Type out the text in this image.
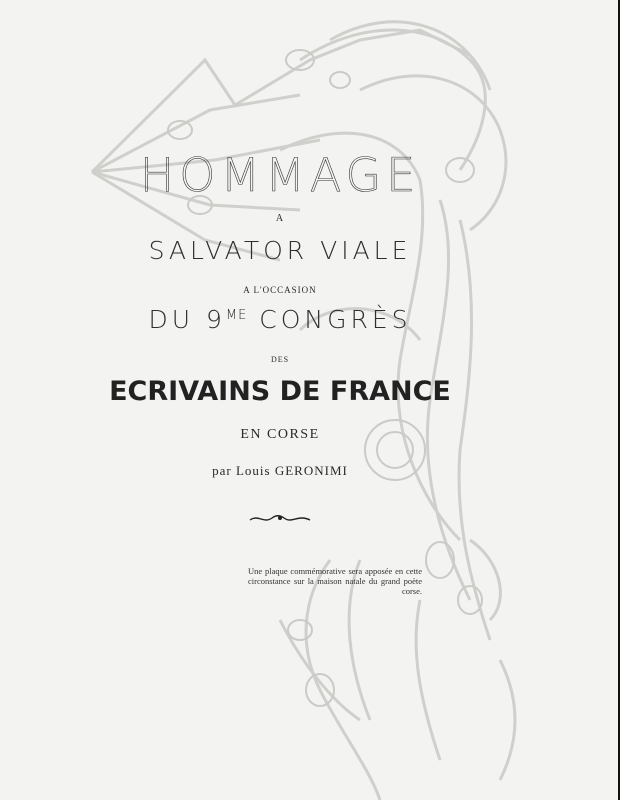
HOMMAGE
A
SALVATOR VIALE
A L'OCCASION
DU $9^{ME}$ CONGRÈS
DES
ECRIVAINS DE FRANCE
EN CORSE
par Louis GERONIMI
Une plaque commémorative sera apposée en cette circonstance sur la maison natale du grand poète corse.
